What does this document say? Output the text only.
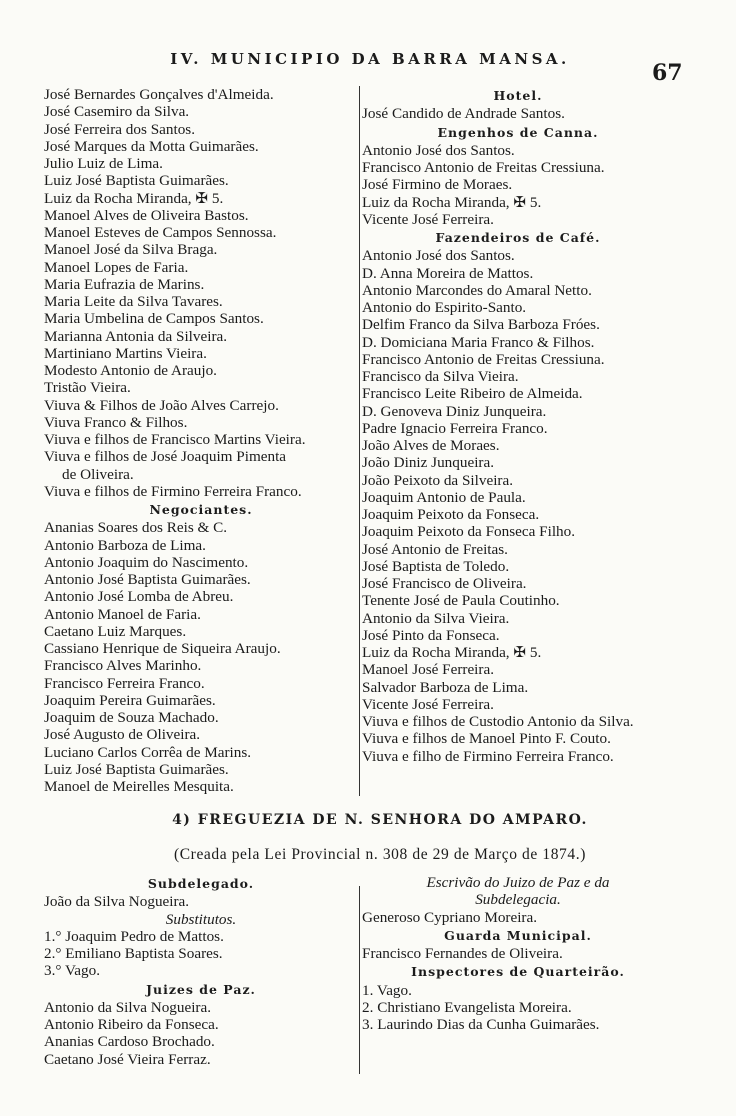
IV. MUNICIPIO DA BARRA MANSA.
67
José Bernardes Gonçalves d'Almeida.
José Casemiro da Silva.
José Ferreira dos Santos.
José Marques da Motta Guimarães.
Julio Luiz de Lima.
Luiz José Baptista Guimarães.
Luiz da Rocha Miranda, ✠ 5.
Manoel Alves de Oliveira Bastos.
Manoel Esteves de Campos Sennossa.
Manoel José da Silva Braga.
Manoel Lopes de Faria.
Maria Eufrazia de Marins.
Maria Leite da Silva Tavares.
Maria Umbelina de Campos Santos.
Marianna Antonia da Silveira.
Martiniano Martins Vieira.
Modesto Antonio de Araujo.
Tristão Vieira.
Viuva & Filhos de João Alves Carrejo.
Viuva Franco & Filhos.
Viuva e filhos de Francisco Martins Vieira.
Viuva e filhos de José Joaquim Pimenta
de Oliveira.
Viuva e filhos de Firmino Ferreira Franco.
Negociantes.
Ananias Soares dos Reis & C.
Antonio Barboza de Lima.
Antonio Joaquim do Nascimento.
Antonio José Baptista Guimarães.
Antonio José Lomba de Abreu.
Antonio Manoel de Faria.
Caetano Luiz Marques.
Cassiano Henrique de Siqueira Araujo.
Francisco Alves Marinho.
Francisco Ferreira Franco.
Joaquim Pereira Guimarães.
Joaquim de Souza Machado.
José Augusto de Oliveira.
Luciano Carlos Corrêa de Marins.
Luiz José Baptista Guimarães.
Manoel de Meirelles Mesquita.
Hotel.
José Candido de Andrade Santos.
Engenhos de Canna.
Antonio José dos Santos.
Francisco Antonio de Freitas Cressiuna.
José Firmino de Moraes.
Luiz da Rocha Miranda, ✠ 5.
Vicente José Ferreira.
Fazendeiros de Café.
Antonio José dos Santos.
D. Anna Moreira de Mattos.
Antonio Marcondes do Amaral Netto.
Antonio do Espirito-Santo.
Delfim Franco da Silva Barboza Fróes.
D. Domiciana Maria Franco & Filhos.
Francisco Antonio de Freitas Cressiuna.
Francisco da Silva Vieira.
Francisco Leite Ribeiro de Almeida.
D. Genoveva Diniz Junqueira.
Padre Ignacio Ferreira Franco.
João Alves de Moraes.
João Diniz Junqueira.
João Peixoto da Silveira.
Joaquim Antonio de Paula.
Joaquim Peixoto da Fonseca.
Joaquim Peixoto da Fonseca Filho.
José Antonio de Freitas.
José Baptista de Toledo.
José Francisco de Oliveira.
Tenente José de Paula Coutinho.
Antonio da Silva Vieira.
José Pinto da Fonseca.
Luiz da Rocha Miranda, ✠ 5.
Manoel José Ferreira.
Salvador Barboza de Lima.
Vicente José Ferreira.
Viuva e filhos de Custodio Antonio da Silva.
Viuva e filhos de Manoel Pinto F. Couto.
Viuva e filho de Firmino Ferreira Franco.
4) FREGUEZIA DE N. SENHORA DO AMPARO.
(Creada pela Lei Provincial n. 308 de 29 de Março de 1874.)
Subdelegado.
João da Silva Nogueira.
Substitutos.
1.° Joaquim Pedro de Mattos.
2.° Emiliano Baptista Soares.
3.° Vago.
Juizes de Paz.
Antonio da Silva Nogueira.
Antonio Ribeiro da Fonseca.
Ananias Cardoso Brochado.
Caetano José Vieira Ferraz.
Escrivão do Juizo de Paz e da
Subdelegacia.
Generoso Cypriano Moreira.
Guarda Municipal.
Francisco Fernandes de Oliveira.
Inspectores de Quarteirão.
1. Vago.
2. Christiano Evangelista Moreira.
3. Laurindo Dias da Cunha Guimarães.
